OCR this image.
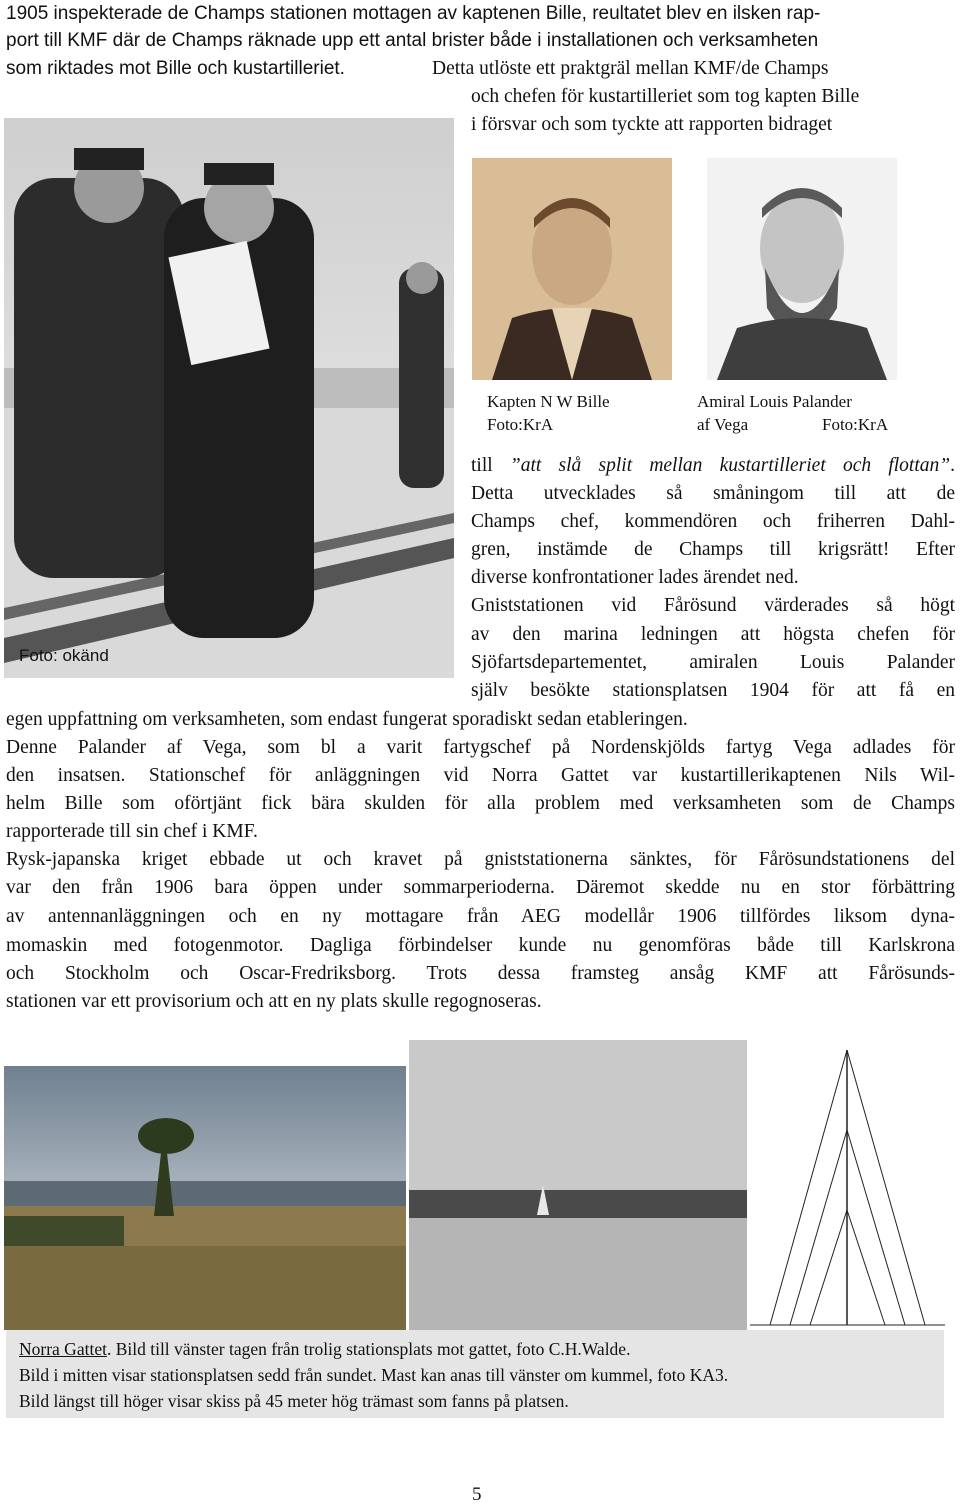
1905 inspekterade de Champs stationen mottagen av kaptenen Bille, reultatet blev en ilsken rap-
port till KMF där de Champs räknade upp ett antal brister både i installationen och verksamheten
som riktades mot Bille och kustartilleriet.	Detta utlöste ett praktgräl mellan KMF/de Champs
och chefen för kustartilleriet som tog kapten Bille
i försvar och som tyckte att rapporten bidraget
Foto: okänd
Kapten N W Bille
Foto:KrA
Amiral Louis Palander
af Vega	Foto:KrA
till ”att slå split mellan kustartilleriet och flottan”.
Detta utvecklades så småningom till att de
Champs chef, kommendören och friherren Dahl-
gren, instämde de Champs till krigsrätt! Efter
diverse konfrontationer lades ärendet ned.
Gniststationen vid Fårösund värderades så högt
av den marina ledningen att högsta chefen för
Sjöfartsdepartementet, amiralen Louis Palander
själv besökte stationsplatsen 1904 för att få en
egen uppfattning om verksamheten, som endast fungerat sporadiskt sedan etableringen.
Denne Palander af Vega, som bl a varit fartygschef på Nordenskjölds fartyg Vega adlades för
den insatsen. Stationschef för anläggningen vid Norra Gattet var kustartillerikaptenen Nils Wil-
helm Bille som oförtjänt fick bära skulden för alla problem med verksamheten som de Champs
rapporterade till sin chef i KMF.
Rysk-japanska kriget ebbade ut och kravet på gniststationerna sänktes, för Fårösundstationens del
var den från 1906 bara öppen under sommarperioderna. Däremot skedde nu en stor förbättring
av antennanläggningen och en ny mottagare från AEG modellår 1906 tillfördes liksom dyna-
momaskin med fotogenmotor. Dagliga förbindelser kunde nu genomföras både till Karlskrona
och Stockholm och Oscar-Fredriksborg. Trots dessa framsteg ansåg KMF att Fårösunds-
stationen var ett provisorium och att en ny plats skulle regognoseras.
Norra Gattet. Bild till vänster tagen från trolig stationsplats mot gattet, foto C.H.Walde.
Bild i mitten visar stationsplatsen sedd från sundet. Mast kan anas till vänster om kummel, foto KA3.
Bild längst till höger visar skiss på 45 meter hög trämast som fanns på platsen.
5
